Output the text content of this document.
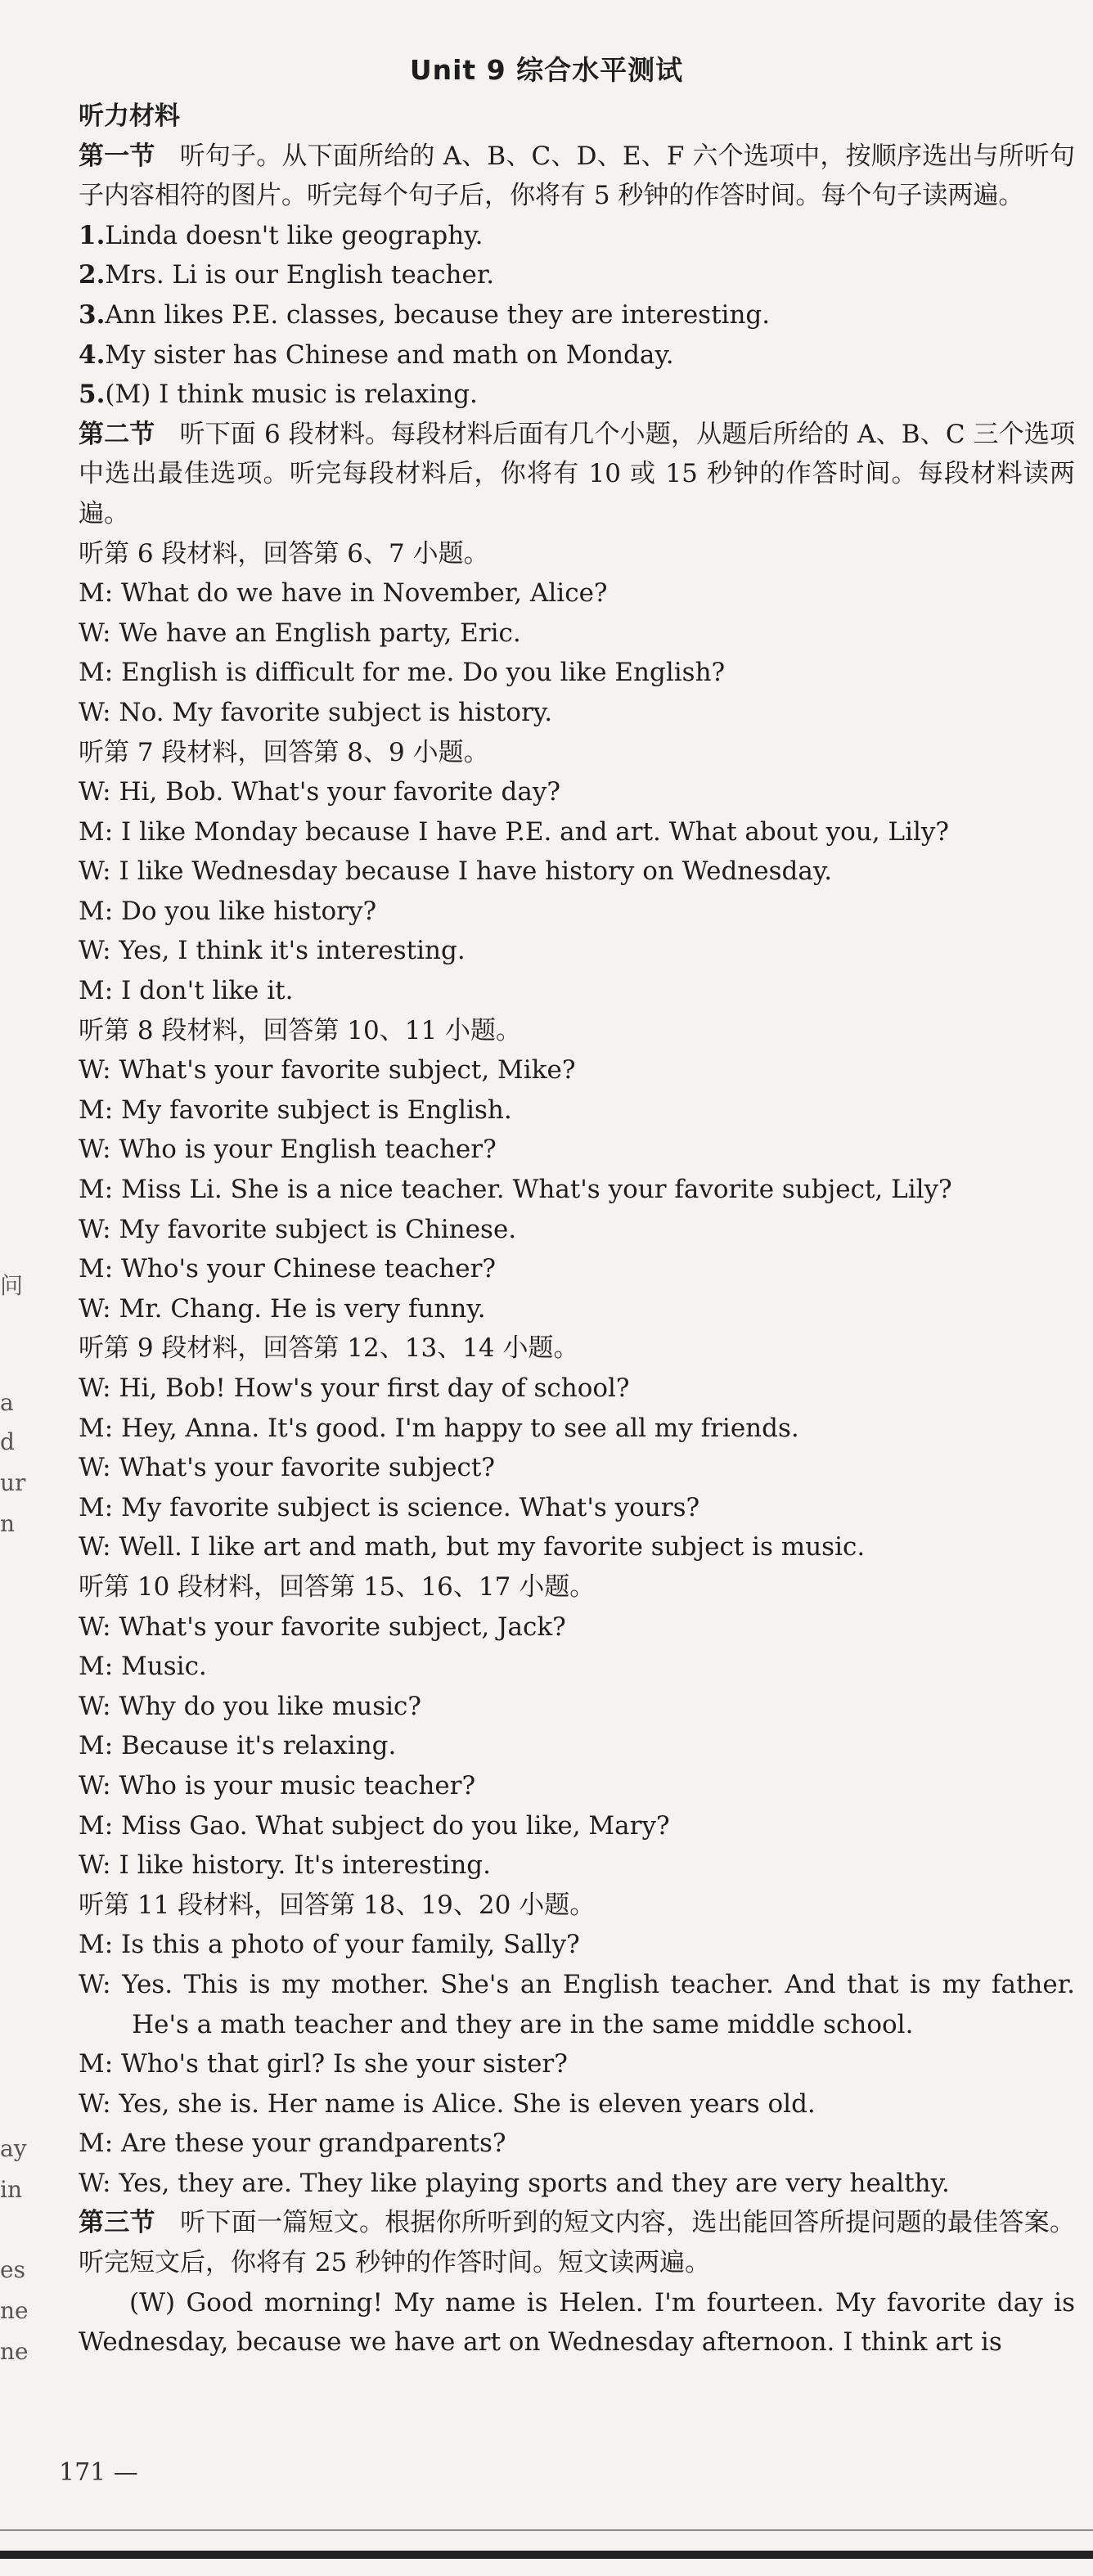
Unit 9 综合水平测试
问
a
d
ur
n
ay
in
es
ne
ne
听力材料
第一节 听句子。从下面所给的 A、B、C、D、E、F 六个选项中，按顺序选出与所听句子内容相符的图片。听完每个句子后，你将有 5 秒钟的作答时间。每个句子读两遍。
1.Linda doesn't like geography.
2.Mrs. Li is our English teacher.
3.Ann likes P.E. classes, because they are interesting.
4.My sister has Chinese and math on Monday.
5.(M) I think music is relaxing.
第二节 听下面 6 段材料。每段材料后面有几个小题，从题后所给的 A、B、C 三个选项中选出最佳选项。听完每段材料后，你将有 10 或 15 秒钟的作答时间。每段材料读两遍。
听第 6 段材料，回答第 6、7 小题。
M: What do we have in November, Alice?
W: We have an English party, Eric.
M: English is difficult for me. Do you like English?
W: No. My favorite subject is history.
听第 7 段材料，回答第 8、9 小题。
W: Hi, Bob. What's your favorite day?
M: I like Monday because I have P.E. and art. What about you, Lily?
W: I like Wednesday because I have history on Wednesday.
M: Do you like history?
W: Yes, I think it's interesting.
M: I don't like it.
听第 8 段材料，回答第 10、11 小题。
W: What's your favorite subject, Mike?
M: My favorite subject is English.
W: Who is your English teacher?
M: Miss Li. She is a nice teacher. What's your favorite subject, Lily?
W: My favorite subject is Chinese.
M: Who's your Chinese teacher?
W: Mr. Chang. He is very funny.
听第 9 段材料，回答第 12、13、14 小题。
W: Hi, Bob! How's your first day of school?
M: Hey, Anna. It's good. I'm happy to see all my friends.
W: What's your favorite subject?
M: My favorite subject is science. What's yours?
W: Well. I like art and math, but my favorite subject is music.
听第 10 段材料，回答第 15、16、17 小题。
W: What's your favorite subject, Jack?
M: Music.
W: Why do you like music?
M: Because it's relaxing.
W: Who is your music teacher?
M: Miss Gao. What subject do you like, Mary?
W: I like history. It's interesting.
听第 11 段材料，回答第 18、19、20 小题。
M: Is this a photo of your family, Sally?
W: Yes. This is my mother. She's an English teacher. And that is my father. He's a math teacher and they are in the same middle school.
M: Who's that girl? Is she your sister?
W: Yes, she is. Her name is Alice. She is eleven years old.
M: Are these your grandparents?
W: Yes, they are. They like playing sports and they are very healthy.
第三节 听下面一篇短文。根据你所听到的短文内容，选出能回答所提问题的最佳答案。听完短文后，你将有 25 秒钟的作答时间。短文读两遍。
(W) Good morning! My name is Helen. I'm fourteen. My favorite day is Wednesday, because we have art on Wednesday afternoon. I think art is
171 —
